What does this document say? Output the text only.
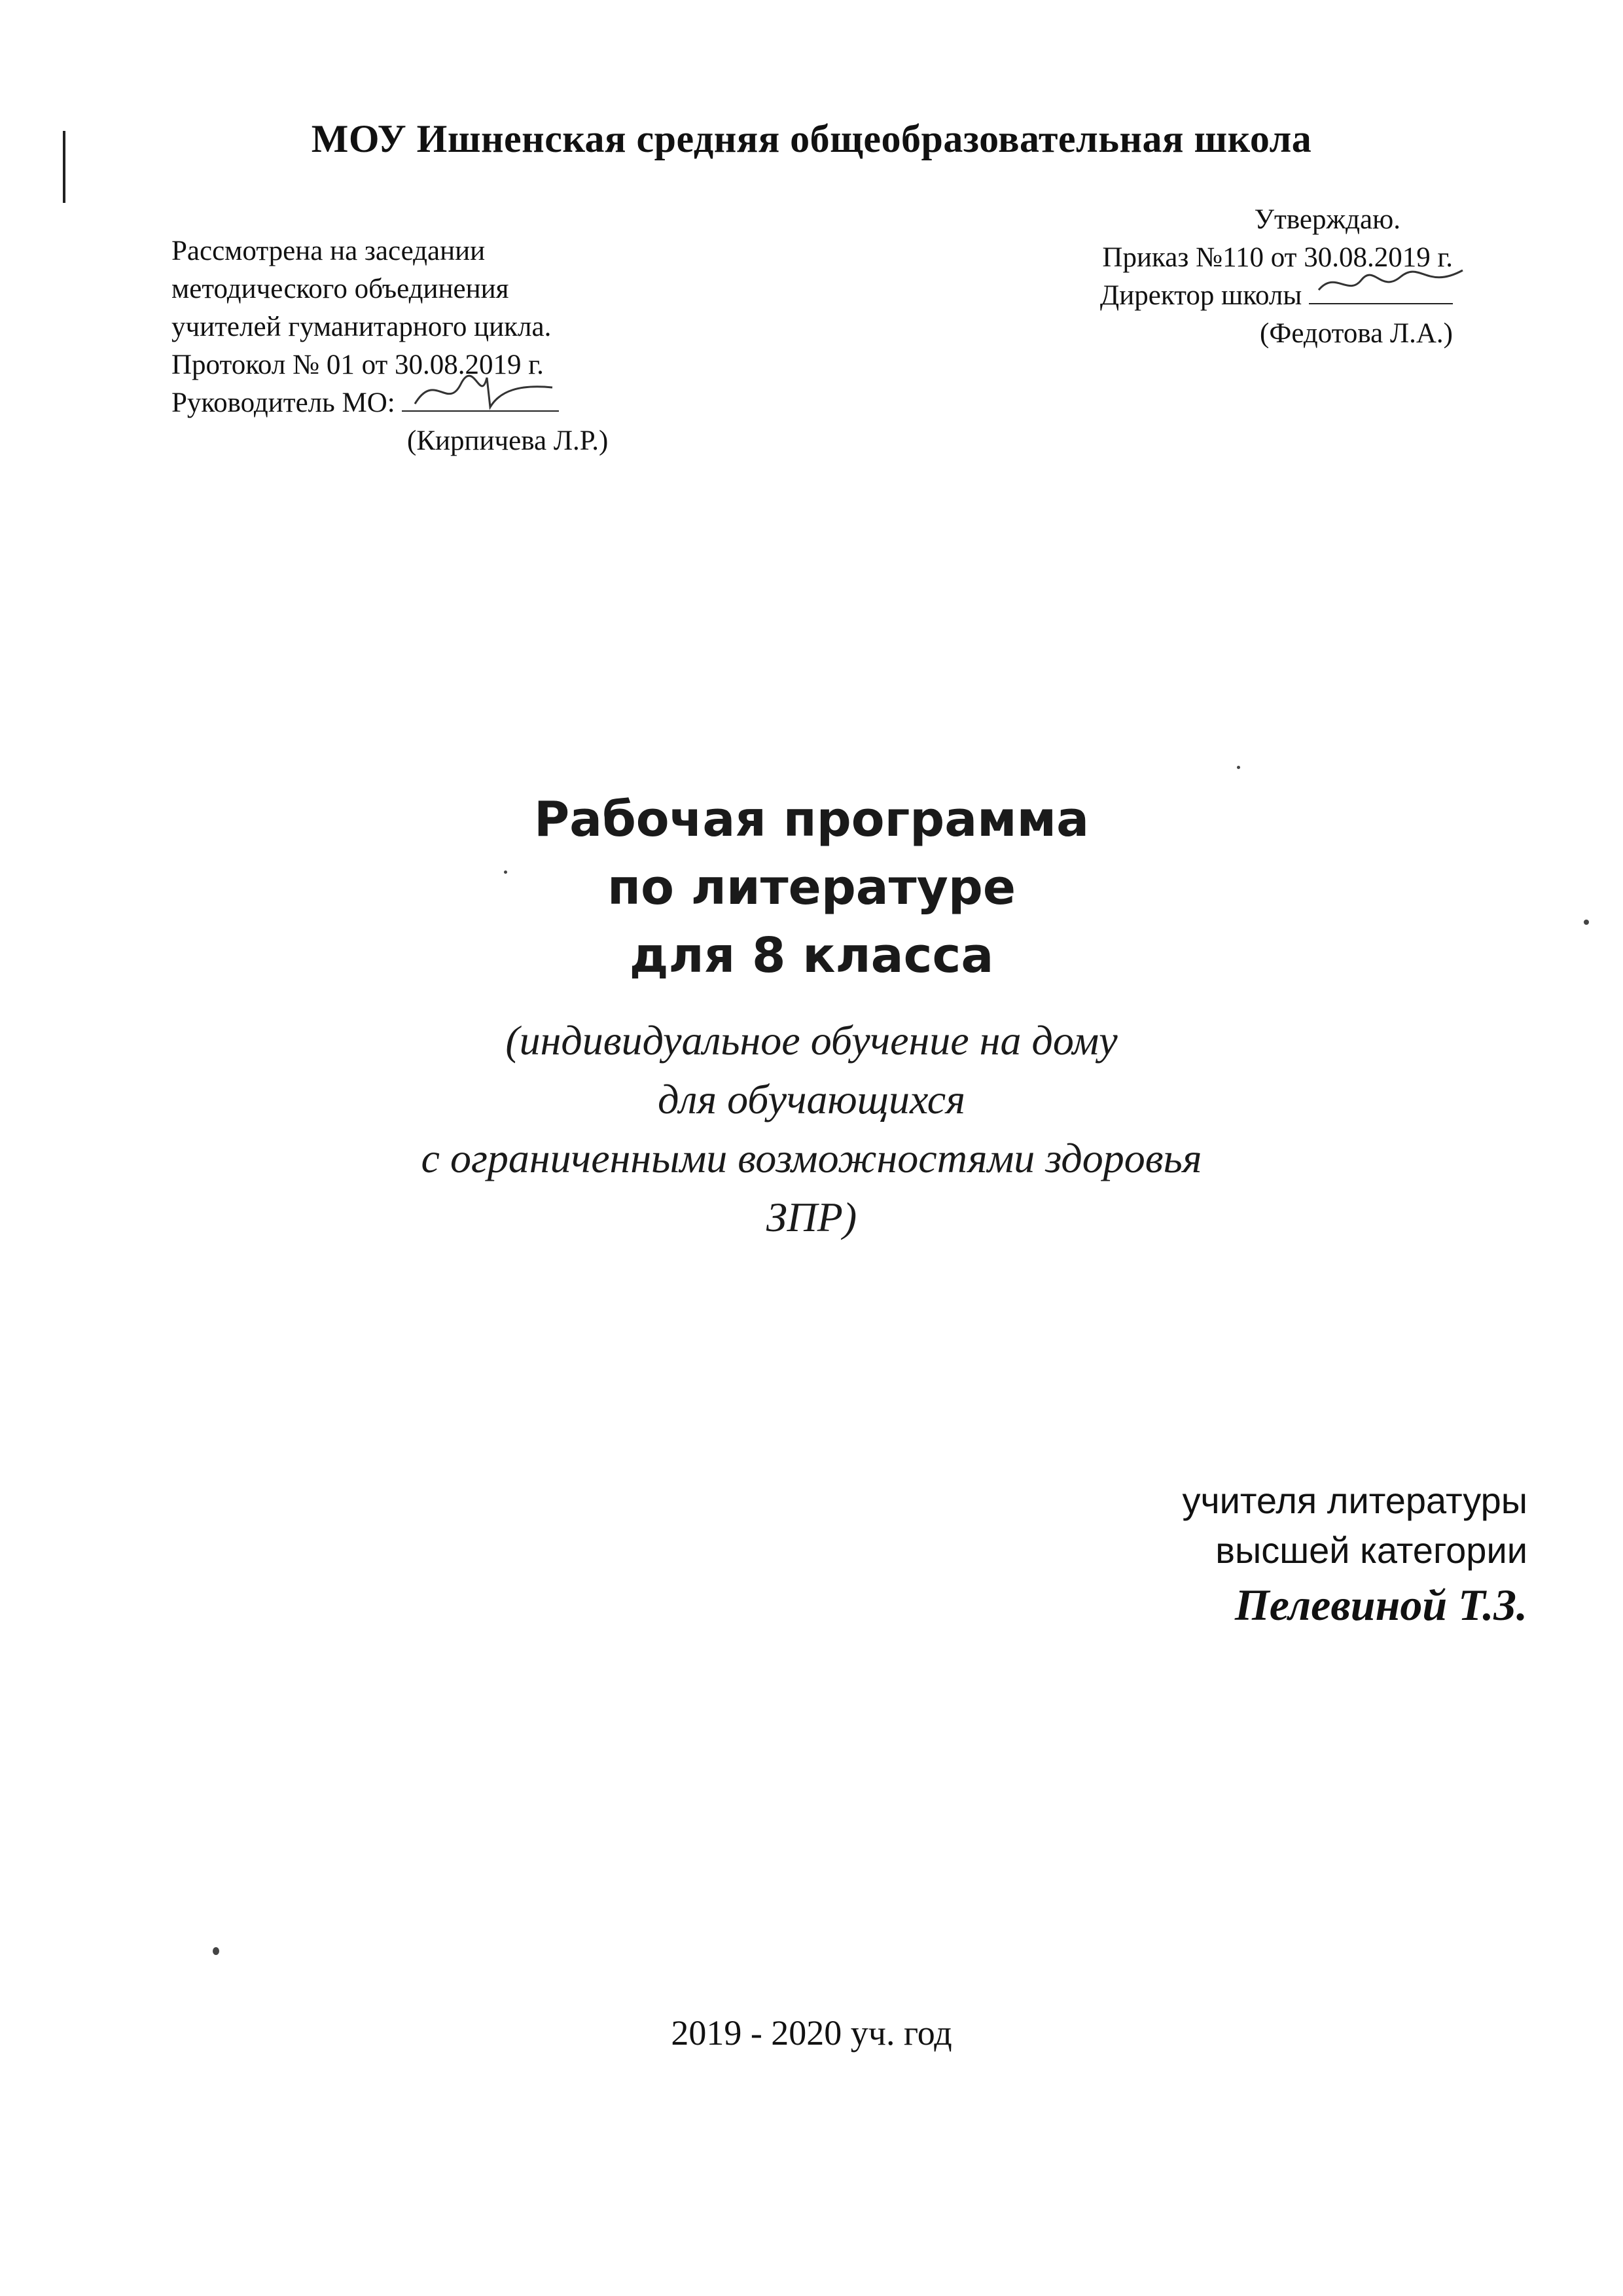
МОУ Ишненская средняя общеобразовательная школа
Рассмотрена на заседании
методического объединения
учителей гуманитарного цикла.
Протокол № 01 от 30.08.2019 г.
Руководитель МО:
(Кирпичева Л.Р.)
Утверждаю.
Приказ №110 от 30.08.2019 г.
Директор школы
(Федотова Л.А.)
Рабочая программа
по литературе
для 8 класса
(индивидуальное обучение на дому
для обучающихся
с ограниченными возможностями здоровья
ЗПР)
учителя литературы
высшей категории
Пелевиной Т.З.
2019 - 2020 уч. год
